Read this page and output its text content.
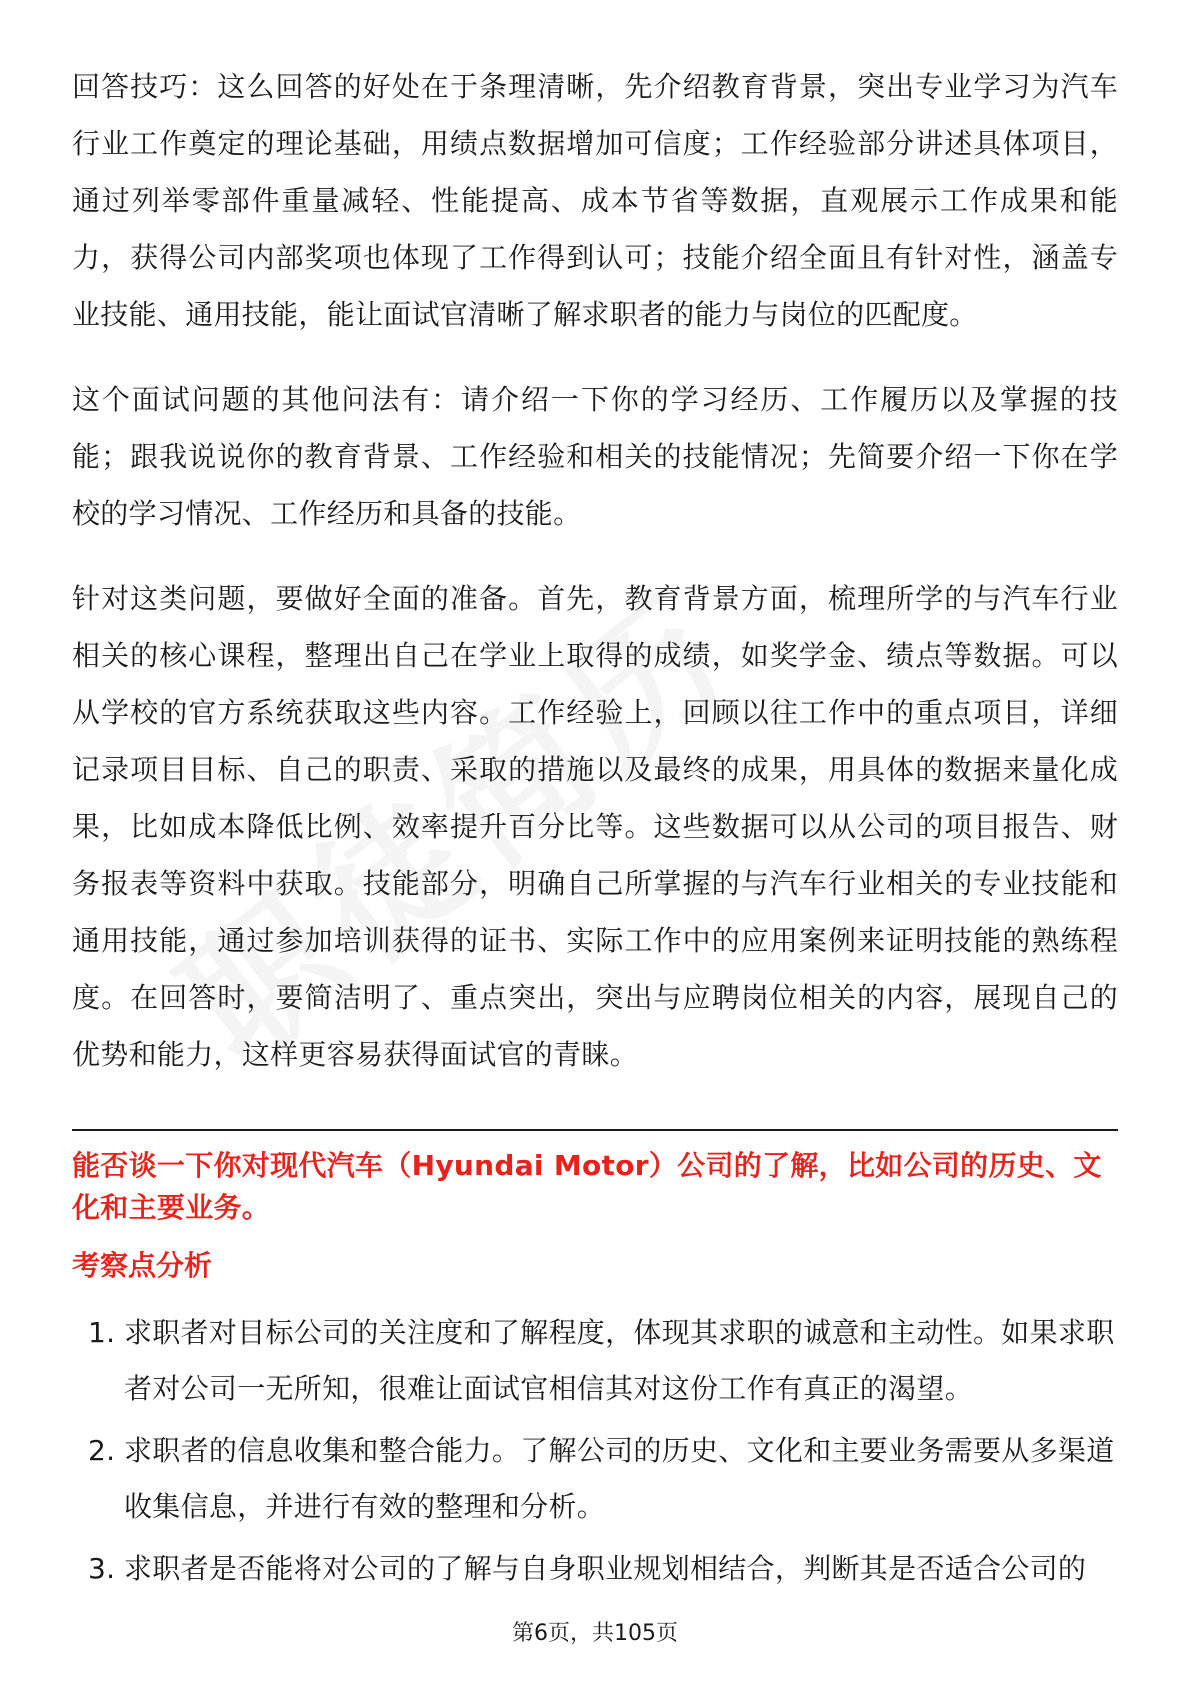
回答技巧：这么回答的好处在于条理清晰，先介绍教育背景，突出专业学习为汽车行业工作奠定的理论基础，用绩点数据增加可信度；工作经验部分讲述具体项目，通过列举零部件重量减轻、性能提高、成本节省等数据，直观展示工作成果和能力，获得公司内部奖项也体现了工作得到认可；技能介绍全面且有针对性，涵盖专业技能、通用技能，能让面试官清晰了解求职者的能力与岗位的匹配度。

这个面试问题的其他问法有：请介绍一下你的学习经历、工作履历以及掌握的技能；跟我说说你的教育背景、工作经验和相关的技能情况；先简要介绍一下你在学校的学习情况、工作经历和具备的技能。

针对这类问题，要做好全面的准备。首先，教育背景方面，梳理所学的与汽车行业相关的核心课程，整理出自己在学业上取得的成绩，如奖学金、绩点等数据。可以从学校的官方系统获取这些内容。工作经验上，回顾以往工作中的重点项目，详细记录项目目标、自己的职责、采取的措施以及最终的成果，用具体的数据来量化成果，比如成本降低比例、效率提升百分比等。这些数据可以从公司的项目报告、财务报表等资料中获取。技能部分，明确自己所掌握的与汽车行业相关的专业技能和通用技能，通过参加培训获得的证书、实际工作中的应用案例来证明技能的熟练程度。在回答时，要简洁明了、重点突出，突出与应聘岗位相关的内容，展现自己的优势和能力，这样更容易获得面试官的青睐。

能否谈一下你对现代汽车（Hyundai Motor）公司的了解，比如公司的历史、文化和主要业务。

考察点分析

1. 求职者对目标公司的关注度和了解程度，体现其求职的诚意和主动性。如果求职者对公司一无所知，很难让面试官相信其对这份工作有真正的渴望。
2. 求职者的信息收集和整合能力。了解公司的历史、文化和主要业务需要从多渠道收集信息，并进行有效的整理和分析。
3. 求职者是否能将对公司的了解与自身职业规划相结合，判断其是否适合公司的
第6页，共105页
